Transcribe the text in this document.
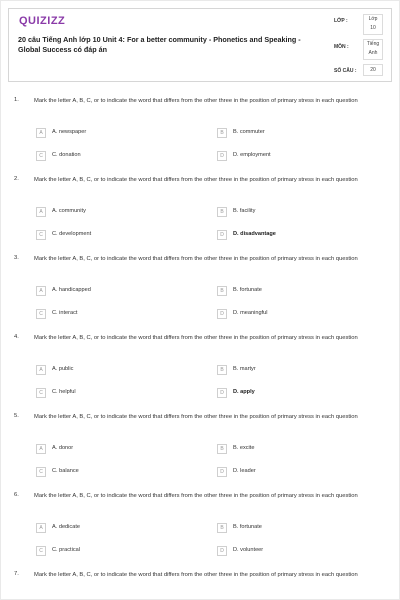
QUIZIZZ
20 câu Tiếng Anh lớp 10 Unit 4: For a better community - Phonetics and Speaking - Global Success có đáp án
LỚP :	Lớp
10
MÔN :	Tiếng
Anh
SỐ CÂU :	20
1.	Mark the letter A, B, C, or to indicate the word that differs from the other three in the position of primary stress in each question
A	A. newspaper	B	B. commuter
C	C. donation	D	D. employment
2.	Mark the letter A, B, C, or to indicate the word that differs from the other three in the position of primary stress in each question
A	A. community	B	B. facility
C	C. development	D	D. disadvantage
3.	Mark the letter A, B, C, or to indicate the word that differs from the other three in the position of primary stress in each question
A	A. handicapped	B	B. fortunate
C	C. interact	D	D. meaningful
4.	Mark the letter A, B, C, or to indicate the word that differs from the other three in the position of primary stress in each question
A	A. public	B	B. martyr
C	C. helpful	D	D. apply
5.	Mark the letter A, B, C, or to indicate the word that differs from the other three in the position of primary stress in each question
A	A. donor	B	B. excite
C	C. balance	D	D. leader
6.	Mark the letter A, B, C, or to indicate the word that differs from the other three in the position of primary stress in each question
A	A. dedicate	B	B. fortunate
C	C. practical	D	D. volunteer
7.	Mark the letter A, B, C, or to indicate the word that differs from the other three in the position of primary stress in each question
